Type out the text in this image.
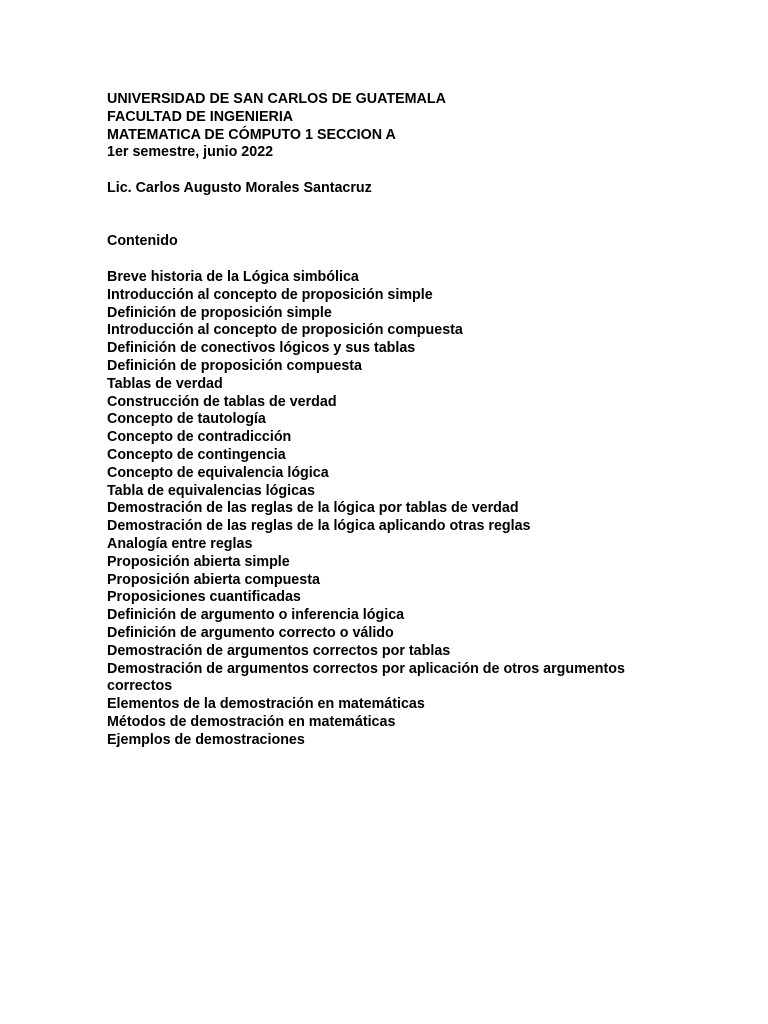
UNIVERSIDAD DE SAN CARLOS DE GUATEMALA
FACULTAD DE INGENIERIA
MATEMATICA DE CÓMPUTO 1 SECCION A
1er semestre, junio 2022
Lic. Carlos Augusto Morales Santacruz
Contenido
Breve historia de la Lógica simbólica
Introducción al concepto de proposición simple
Definición de proposición simple
Introducción al concepto de proposición compuesta
Definición de conectivos lógicos y sus tablas
Definición de proposición compuesta
Tablas de verdad
Construcción de tablas de verdad
Concepto de tautología
Concepto de contradicción
Concepto de contingencia
Concepto de equivalencia lógica
Tabla de equivalencias lógicas
Demostración de las reglas de la lógica por tablas de verdad
Demostración de las reglas de la lógica aplicando otras reglas
Analogía entre reglas
Proposición abierta simple
Proposición abierta compuesta
Proposiciones cuantificadas
Definición de argumento o inferencia lógica
Definición de argumento correcto o válido
Demostración de argumentos correctos por tablas
Demostración de argumentos correctos por aplicación de otros argumentos correctos
Elementos de la demostración en matemáticas
Métodos de demostración en matemáticas
Ejemplos de demostraciones
